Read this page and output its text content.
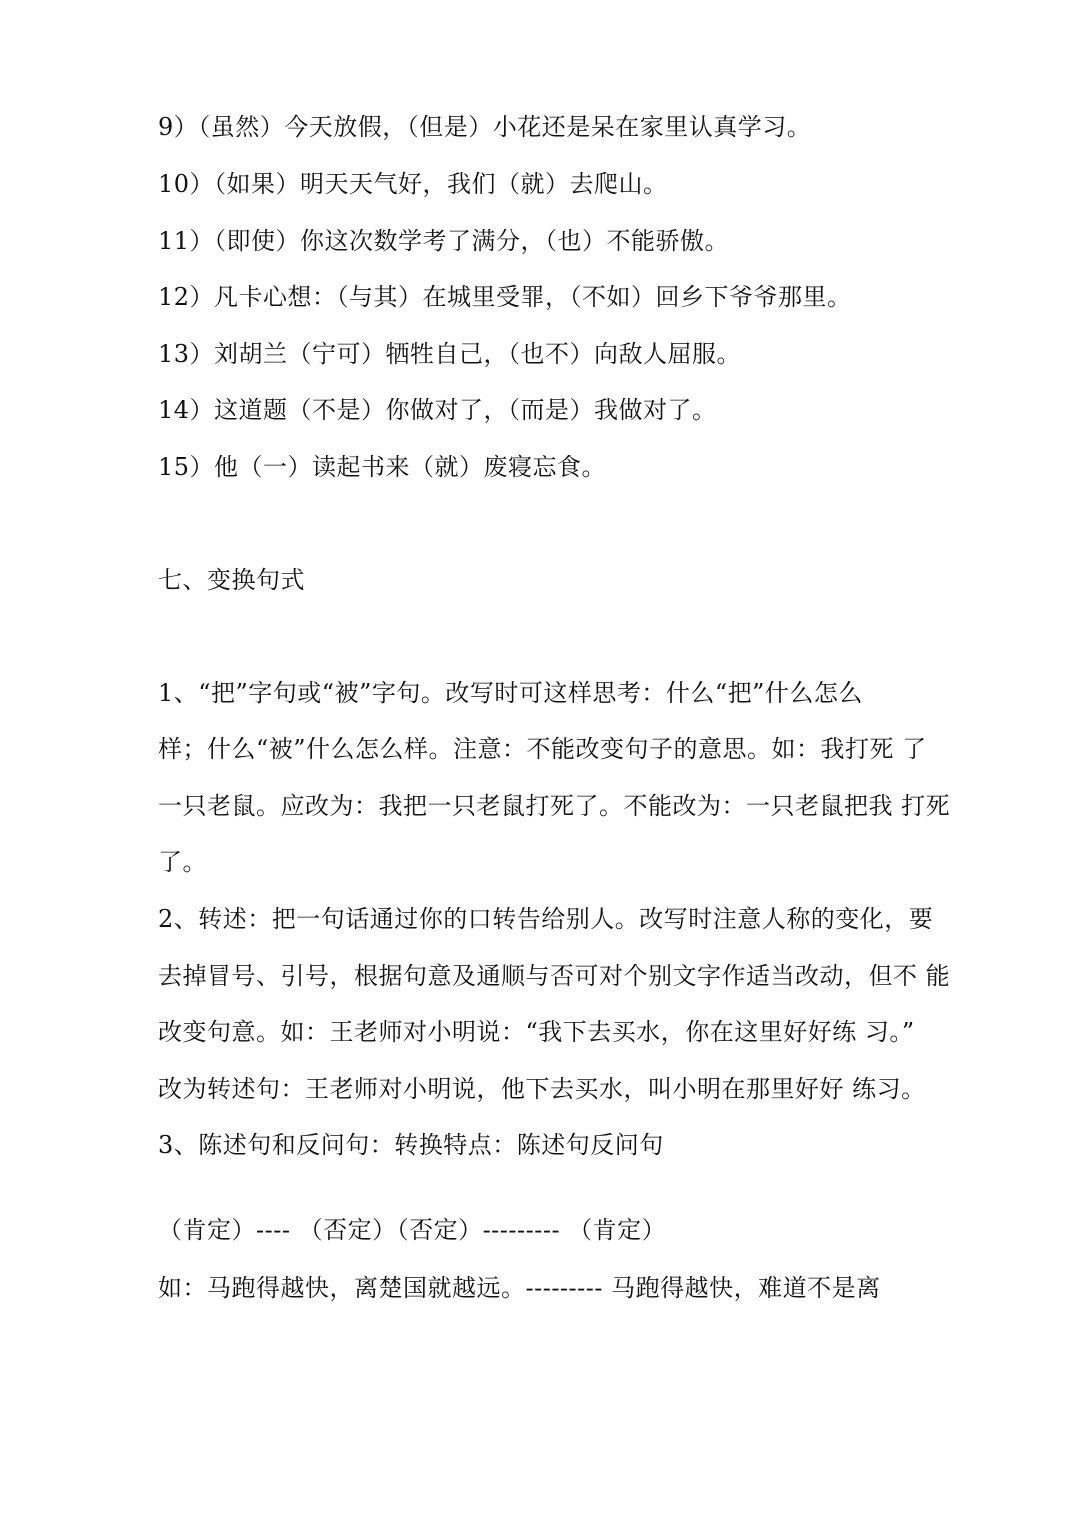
9）（虽然）今天放假，（但是）小花还是呆在家里认真学习。
10）（如果）明天天气好，我们（就）去爬山。
11）（即使）你这次数学考了满分，（也）不能骄傲。
12）凡卡心想：（与其）在城里受罪，（不如）回乡下爷爷那里。
13）刘胡兰（宁可）牺牲自己，（也不）向敌人屈服。
14）这道题（不是）你做对了，（而是）我做对了。
15）他（一）读起书来（就）废寝忘食。
七、变换句式
1、“把”字句或“被”字句。改写时可这样思考：什么“把”什么怎么
样；什么“被”什么怎么样。注意：不能改变句子的意思。如：我打死 了
一只老鼠。应改为：我把一只老鼠打死了。不能改为：一只老鼠把我 打死
了。
2、转述：把一句话通过你的口转告给别人。改写时注意人称的变化，要
去掉冒号、引号，根据句意及通顺与否可对个别文字作适当改动，但不 能
改变句意。如：王老师对小明说：“我下去买水，你在这里好好练 习。”
改为转述句：王老师对小明说，他下去买水，叫小明在那里好好 练习。
3、陈述句和反问句：转换特点：陈述句反问句
（肯定）---- （否定）（否定）--------- （肯定）
如：马跑得越快，离楚国就越远。--------- 马跑得越快，难道不是离
